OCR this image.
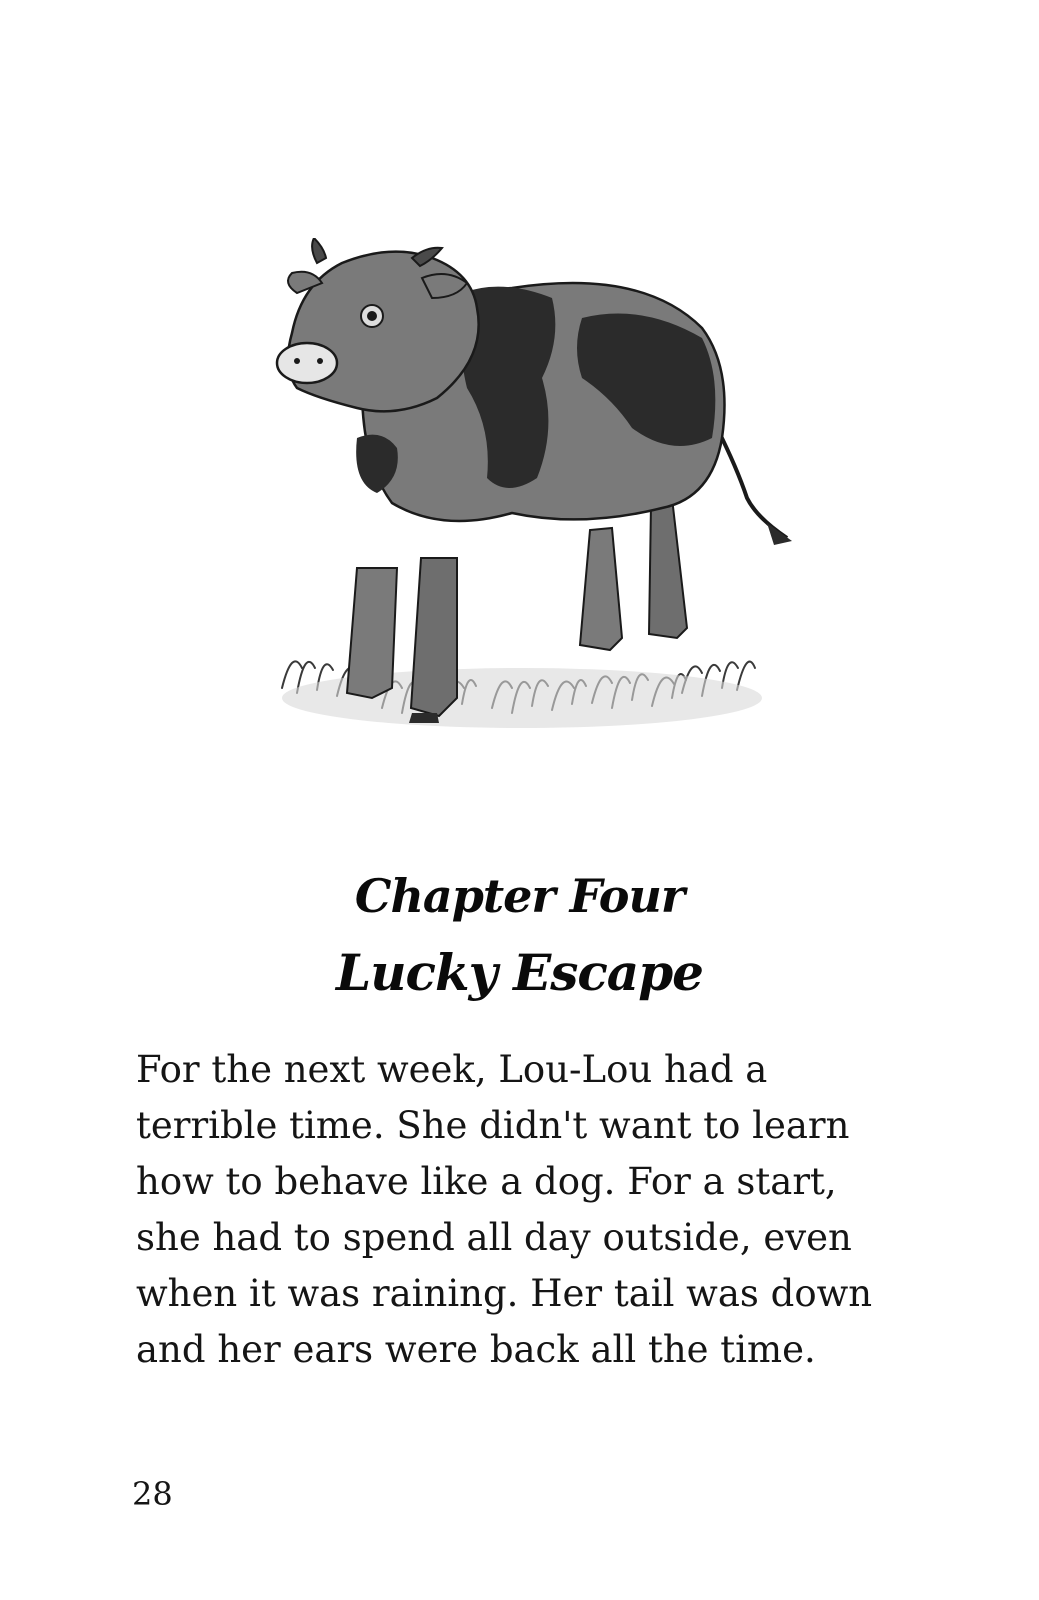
Chapter Four
Lucky Escape

For the next week, Lou-Lou had a
terrible time. She didn't want to learn
how to behave like a dog. For a start,
she had to spend all day outside, even
when it was raining. Her tail was down
and her ears were back all the time.

28
